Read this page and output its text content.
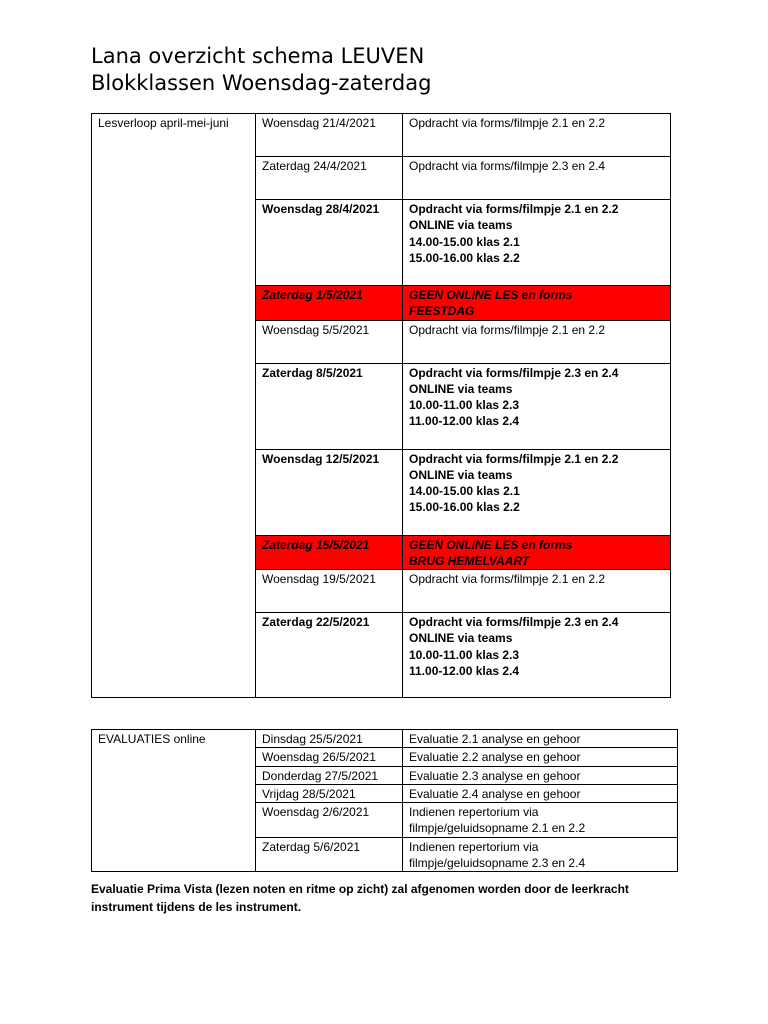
Lana overzicht schema LEUVEN
Blokklassen Woensdag-zaterdag
Lesverloop april-mei-juni	Woensdag 21/4/2021	Opdracht via forms/filmpje 2.1 en 2.2

	Zaterdag 24/4/2021	Opdracht via forms/filmpje 2.3 en 2.4

	Woensdag 28/4/2021	Opdracht via forms/filmpje 2.1 en 2.2
ONLINE via teams
14.00-15.00 klas 2.1
15.00-16.00 klas 2.2

	Zaterdag 1/5/2021	GEEN ONLINE LES en forms
FEESTDAG

	Woensdag 5/5/2021	Opdracht via forms/filmpje 2.1 en 2.2

	Zaterdag 8/5/2021	Opdracht via forms/filmpje 2.3 en 2.4
ONLINE via teams
10.00-11.00 klas 2.3
11.00-12.00 klas 2.4

	Woensdag 12/5/2021	Opdracht via forms/filmpje 2.1 en 2.2
ONLINE via teams
14.00-15.00 klas 2.1
15.00-16.00 klas 2.2

	Zaterdag 15/5/2021	GEEN ONLINE LES en forms
BRUG HEMELVAART

	Woensdag 19/5/2021	Opdracht via forms/filmpje 2.1 en 2.2

	Zaterdag 22/5/2021	Opdracht via forms/filmpje 2.3 en 2.4
ONLINE via teams
10.00-11.00 klas 2.3
11.00-12.00 klas 2.4
EVALUATIES online	Dinsdag 25/5/2021	Evaluatie 2.1 analyse en gehoor

	Woensdag 26/5/2021	Evaluatie 2.2 analyse en gehoor

	Donderdag 27/5/2021	Evaluatie 2.3 analyse en gehoor

	Vrijdag 28/5/2021	Evaluatie 2.4 analyse en gehoor

	Woensdag 2/6/2021	Indienen repertorium via
filmpje/geluidsopname 2.1 en 2.2

	Zaterdag 5/6/2021	Indienen repertorium via
filmpje/geluidsopname 2.3 en 2.4
Evaluatie Prima Vista (lezen noten en ritme op zicht) zal afgenomen worden door de leerkracht instrument tijdens de les instrument.
